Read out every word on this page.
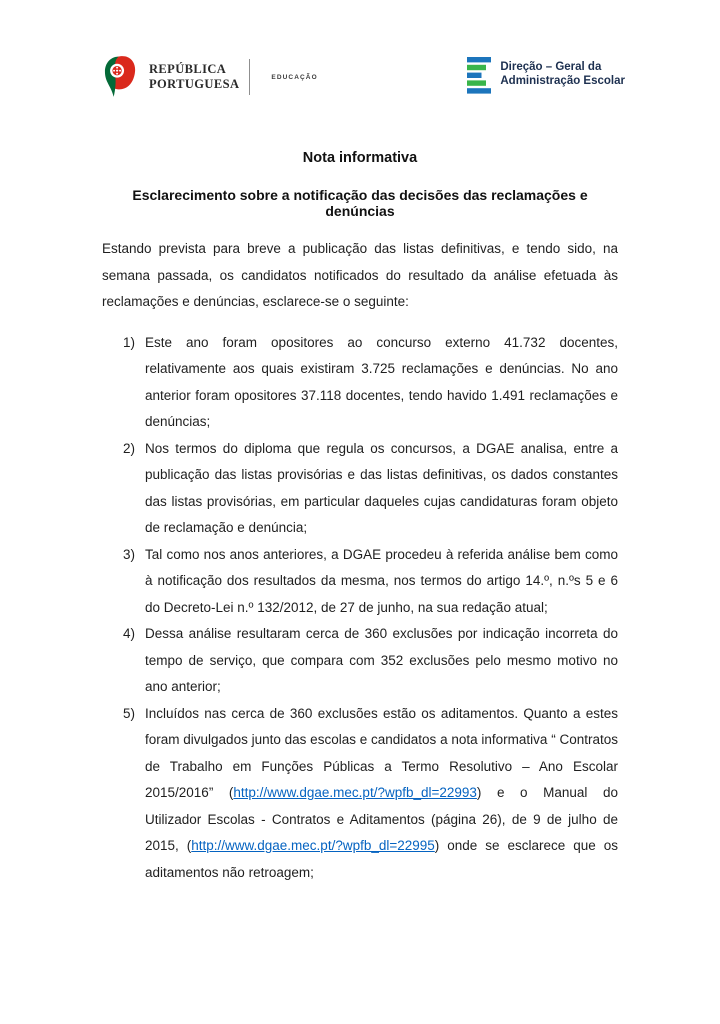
REPÚBLICA
PORTUGUESA	EDUCAÇÃO
Direção – Geral da
Administração Escolar
Nota informativa
Esclarecimento sobre a notificação das decisões das reclamações e denúncias

Estando prevista para breve a publicação das listas definitivas, e tendo sido, na semana passada, os candidatos notificados do resultado da análise efetuada às reclamações e denúncias, esclarece-se o seguinte:

1) Este ano foram opositores ao concurso externo 41.732 docentes, relativamente aos quais existiram 3.725 reclamações e denúncias. No ano anterior foram opositores 37.118 docentes, tendo havido 1.491 reclamações e denúncias;
2) Nos termos do diploma que regula os concursos, a DGAE analisa, entre a publicação das listas provisórias e das listas definitivas, os dados constantes das listas provisórias, em particular daqueles cujas candidaturas foram objeto de reclamação e denúncia;
3) Tal como nos anos anteriores, a DGAE procedeu à referida análise bem como à notificação dos resultados da mesma, nos termos do artigo 14.º, n.ºs 5 e 6 do Decreto-Lei n.º 132/2012, de 27 de junho, na sua redação atual;
4) Dessa análise resultaram cerca de 360 exclusões por indicação incorreta do tempo de serviço, que compara com 352 exclusões pelo mesmo motivo no ano anterior;
5) Incluídos nas cerca de 360 exclusões estão os aditamentos. Quanto a estes foram divulgados junto das escolas e candidatos a nota informativa “ Contratos de Trabalho em Funções Públicas a Termo Resolutivo – Ano Escolar 2015/2016” (http://www.dgae.mec.pt/?wpfb_dl=22993) e o Manual do Utilizador Escolas - Contratos e Aditamentos (página 26), de 9 de julho de 2015, (http://www.dgae.mec.pt/?wpfb_dl=22995) onde se esclarece que os aditamentos não retroagem;
